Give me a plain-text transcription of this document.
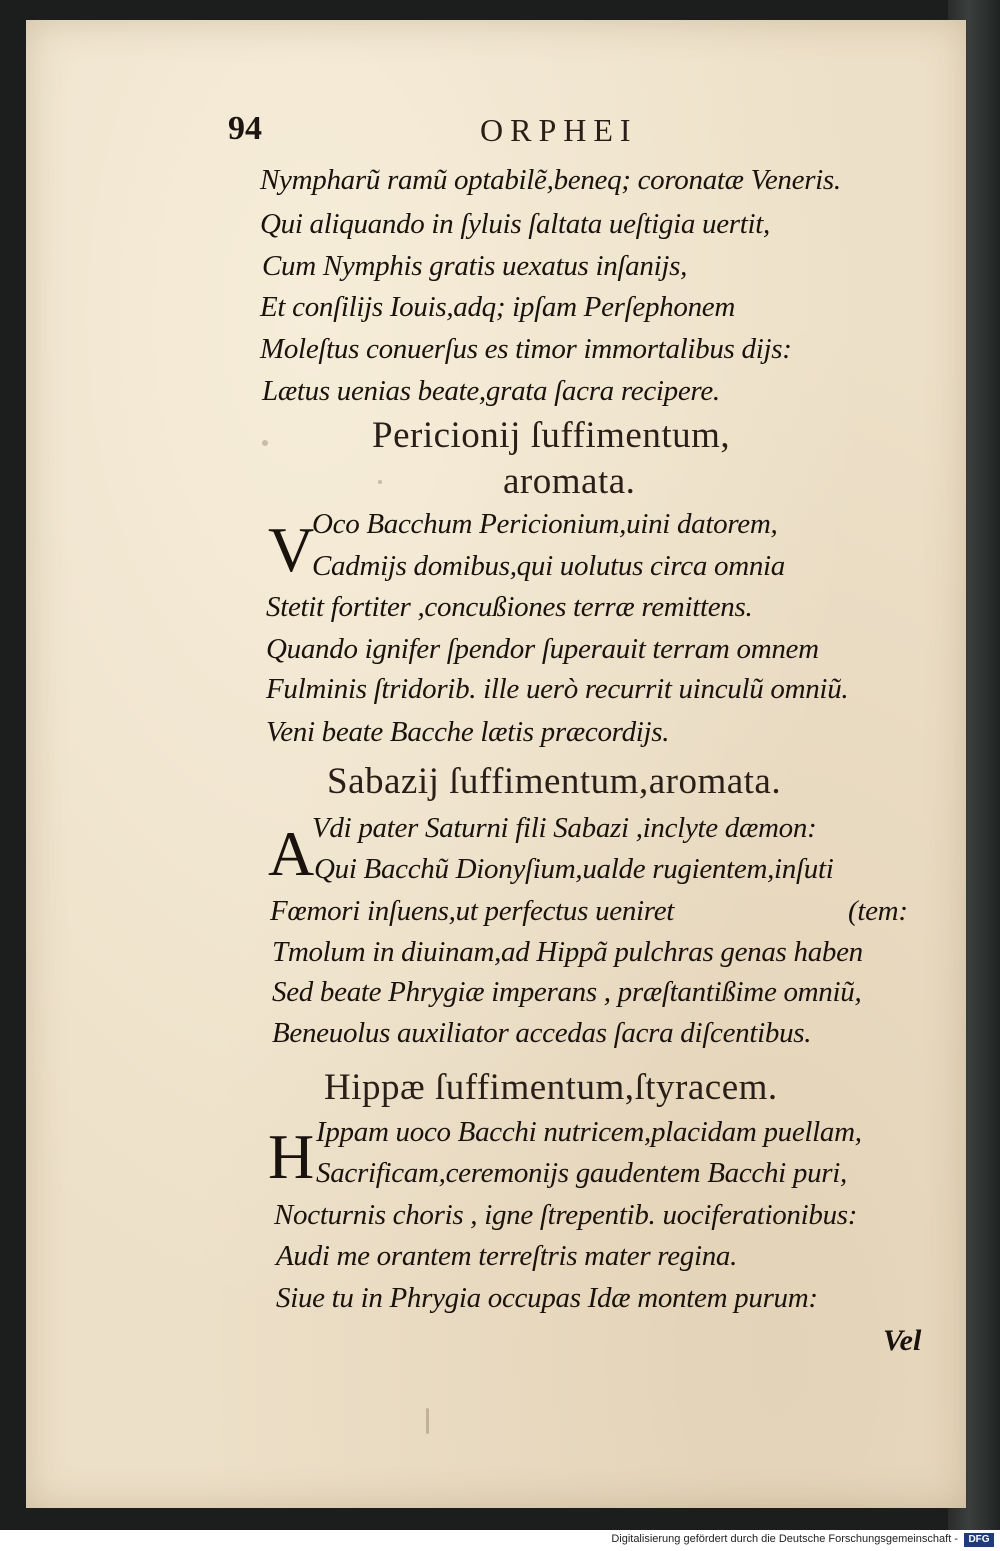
94	ORPHEI
Nympharũ ramũ optabilẽ,beneq; coronatæ Veneris.
Qui aliquando in ſyluis ſaltata ueſtigia uertit,
Cum Nymphis gratis uexatus inſanijs,
Et conſilijs Iouis,adq; ipſam Perſephonem
Moleſtus conuerſus es timor immortalibus dijs:
Lætus uenias beate,grata ſacra recipere.
Pericionij ſuffimentum,
aromata.
V
Oco Bacchum Pericionium,uini datorem,
Cadmijs domibus,qui uolutus circa omnia
Stetit fortiter ,concußiones terræ remittens.
Quando ignifer ſpendor ſuperauit terram omnem
Fulminis ſtridorib. ille uerò recurrit uinculũ omniũ.
Veni beate Bacche lætis præcordijs.
Sabazij ſuffimentum,aromata.
A
Vdi pater Saturni fili Sabazi ,inclyte dæmon:
Qui Bacchũ Dionyſium,ualde rugientem,inſuti
Fœmori inſuens,ut perfectus ueniret	(tem:
Tmolum in diuinam,ad Hippã pulchras genas haben
Sed beate Phrygiæ imperans , præſtantißime omniũ,
Beneuolus auxiliator accedas ſacra diſcentibus.
Hippæ ſuffimentum,ſtyracem.
H Ippam uoco Bacchi nutricem,placidam puellam,
Sacrificam,ceremonijs gaudentem Bacchi puri,
Nocturnis choris , igne ſtrepentib. uociferationibus:
Audi me orantem terreſtris mater regina.
Siue tu in Phrygia occupas Idæ montem purum:
Vel
Digitalisierung gefördert durch die Deutsche Forschungsgemeinschaft -	DFG
